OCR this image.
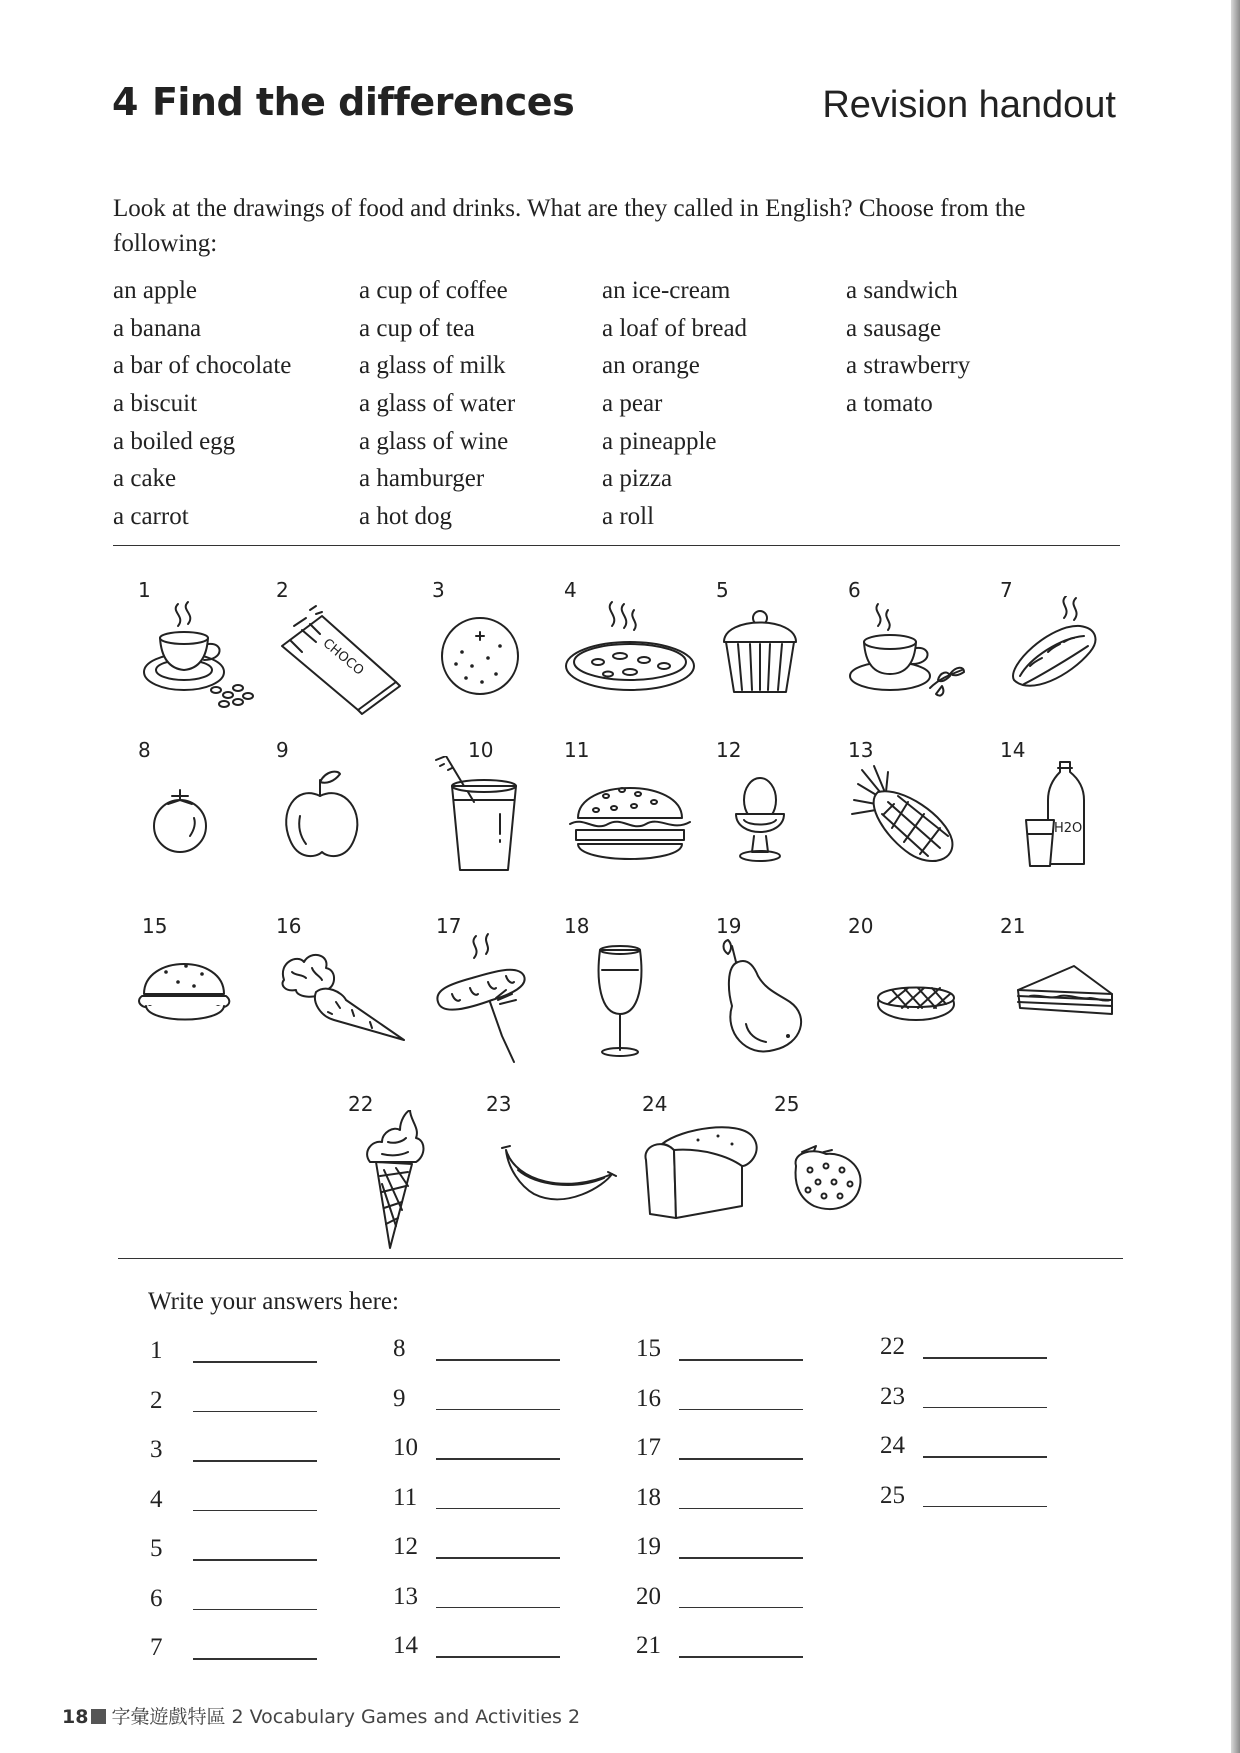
4 Find the differences	Revision handout
Look at the drawings of food and drinks. What are they called in English? Choose from the following:
an apple
a banana
a bar of chocolate
a biscuit
a boiled egg
a cake
a carrot
a cup of coffee
a cup of tea
a glass of milk
a glass of water
a glass of wine
a hamburger
a hot dog
an ice-cream
a loaf of bread
an orange
a pear
a pineapple
a pizza
a roll
a sandwich
a sausage
a strawberry
a tomato
1	2
CHOCO
3	4	5	6	7
8	9	10	11	12	13	14
H2O
15	16	17	18	19	20	21
22	23	24	25
Write your answers here:
1
2
3
4
5
6
7
8
9
10
11
12
13
14
15
16
17
18
19
20
21
22
23
24
25
18 字彙遊戲特區 2 Vocabulary Games and Activities 2
